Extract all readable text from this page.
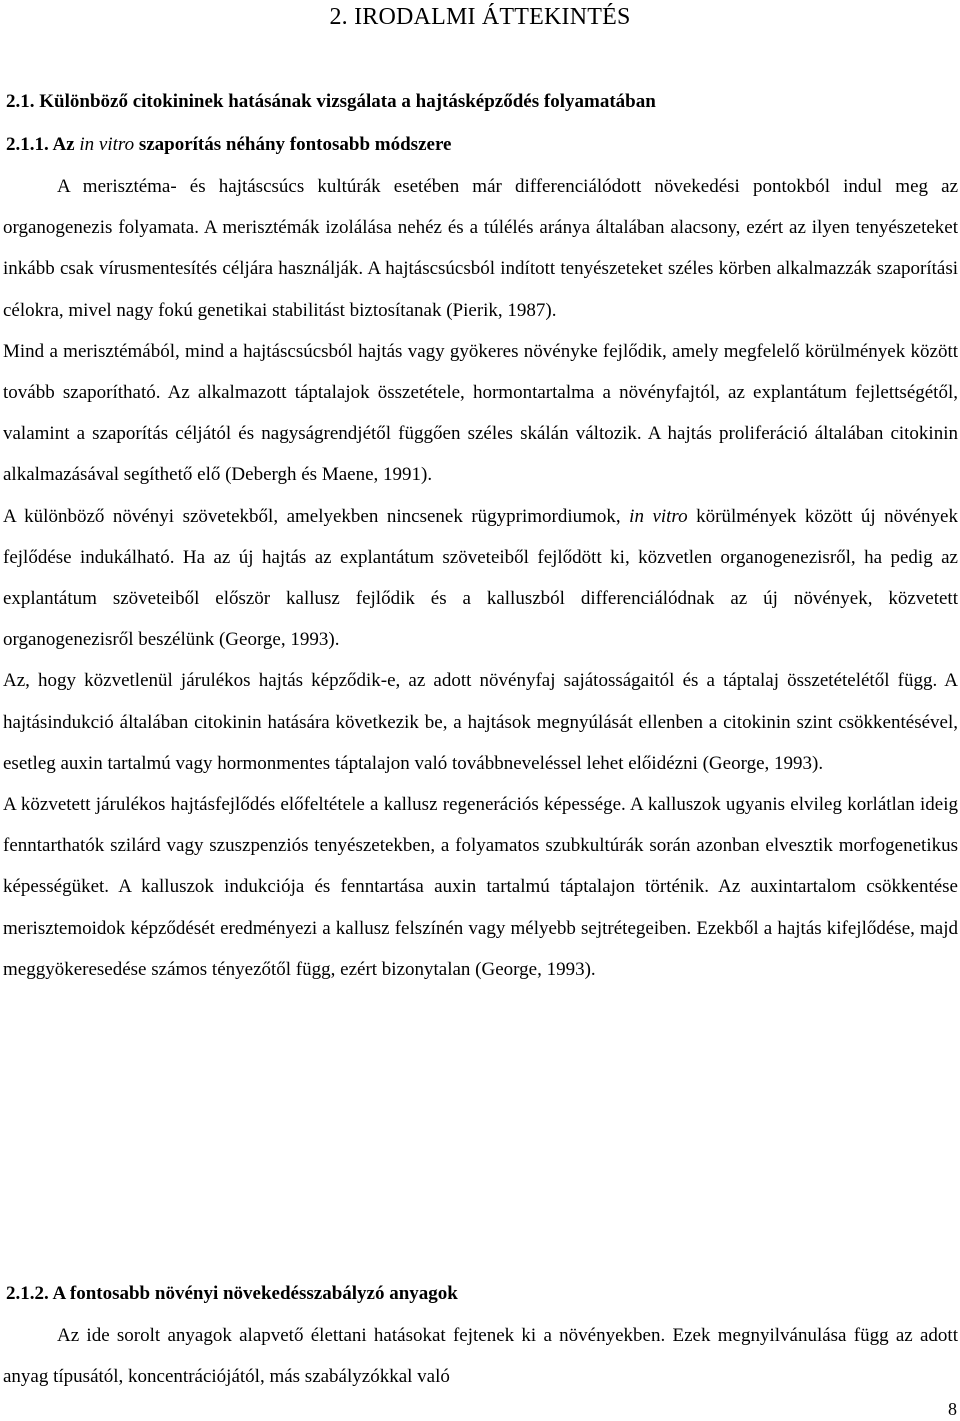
2. IRODALMI ÁTTEKINTÉS
2.1. Különböző citokininek hatásának vizsgálata a hajtásképződés folyamatában
2.1.1. Az in vitro szaporítás néhány fontosabb módszere

A merisztéma- és hajtáscsúcs kultúrák esetében már differenciálódott növekedési pontokból indul meg az organogenezis folyamata. A merisztémák izolálása nehéz és a túlélés aránya általában alacsony, ezért az ilyen tenyészeteket inkább csak vírusmentesítés céljára használják. A hajtáscsúcsból indított tenyészeteket széles körben alkalmazzák szaporítási célokra, mivel nagy fokú genetikai stabilitást biztosítanak (Pierik, 1987).

Mind a merisztémából, mind a hajtáscsúcsból hajtás vagy gyökeres növényke fejlődik, amely megfelelő körülmények között tovább szaporítható. Az alkalmazott táptalajok összetétele, hormontartalma a növényfajtól, az explantátum fejlettségétől, valamint a szaporítás céljától és nagyságrendjétől függően széles skálán változik. A hajtás proliferáció általában citokinin alkalmazásával segíthető elő (Debergh és Maene, 1991).

A különböző növényi szövetekből, amelyekben nincsenek rügyprimordiumok, in vitro körülmények között új növények fejlődése indukálható. Ha az új hajtás az explantátum szöveteiből fejlődött ki, közvetlen organogenezisről, ha pedig az explantátum szöveteiből először kallusz fejlődik és a kalluszból differenciálódnak az új növények, közvetett organogenezisről beszélünk (George, 1993).

Az, hogy közvetlenül járulékos hajtás képződik-e, az adott növényfaj sajátosságaitól és a táptalaj összetételétől függ. A hajtásindukció általában citokinin hatására következik be, a hajtások megnyúlását ellenben a citokinin szint csökkentésével, esetleg auxin tartalmú vagy hormonmentes táptalajon való továbbneveléssel lehet előidézni (George, 1993).

A közvetett járulékos hajtásfejlődés előfeltétele a kallusz regenerációs képessége. A kalluszok ugyanis elvileg korlátlan ideig fenntarthatók szilárd vagy szuszpenziós tenyészetekben, a folyamatos szubkultúrák során azonban elvesztik morfogenetikus képességüket. A kalluszok indukciója és fenntartása auxin tartalmú táptalajon történik. Az auxintartalom csökkentése merisztemoidok képződését eredményezi a kallusz felszínén vagy mélyebb sejtrétegeiben. Ezekből a hajtás kifejlődése, majd meggyökeresedése számos tényezőtől függ, ezért bizonytalan (George, 1993).

2.1.2. A fontosabb növényi növekedésszabályzó anyagok

Az ide sorolt anyagok alapvető élettani hatásokat fejtenek ki a növényekben. Ezek megnyilvánulása függ az adott anyag típusától, koncentrációjától, más szabályzókkal való

8
